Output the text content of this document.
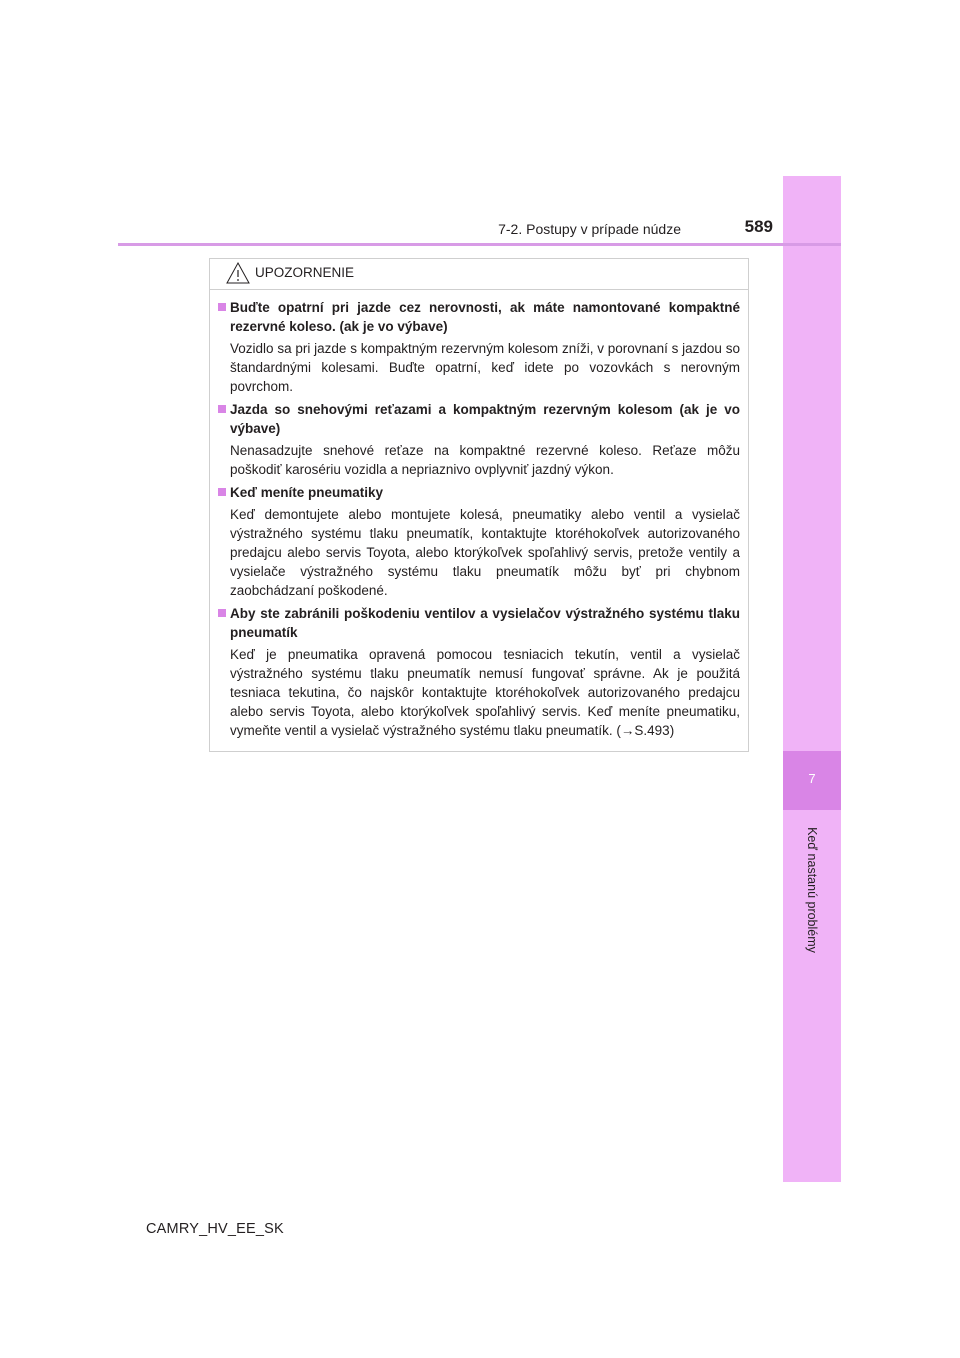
7
Keď nastanú problémy
7-2. Postupy v prípade núdze	589
UPOZORNENIE
Buďte opatrní pri jazde cez nerovnosti, ak máte namontované kompaktné rezervné koleso. (ak je vo výbave)
Vozidlo sa pri jazde s kompaktným rezervným kolesom zníži, v porovnaní s jazdou so štandardnými kolesami. Buďte opatrní, keď idete po vozovkách s nerovným povrchom.
Jazda so snehovými reťazami a kompaktným rezervným kolesom (ak je vo výbave)
Nenasadzujte snehové reťaze na kompaktné rezervné koleso. Reťaze môžu poškodiť karosériu vozidla a nepriaznivo ovplyvniť jazdný výkon.
Keď meníte pneumatiky
Keď demontujete alebo montujete kolesá, pneumatiky alebo ventil a vysielač výstražného systému tlaku pneumatík, kontaktujte ktoréhokoľvek autorizovaného predajcu alebo servis Toyota, alebo ktorýkoľvek spoľahlivý servis, pretože ventily a vysielače výstražného systému tlaku pneumatík môžu byť pri chybnom zaobchádzaní poškodené.
Aby ste zabránili poškodeniu ventilov a vysielačov výstražného systému tlaku pneumatík
Keď je pneumatika opravená pomocou tesniacich tekutín, ventil a vysielač výstražného systému tlaku pneumatík nemusí fungovať správne. Ak je použitá tesniaca tekutina, čo najskôr kontaktujte ktoréhokoľvek autorizovaného predajcu alebo servis Toyota, alebo ktorýkoľvek spoľahlivý servis. Keď meníte pneumatiku, vymeňte ventil a vysielač výstražného systému tlaku pneumatík. (→S.493)
CAMRY_HV_EE_SK
